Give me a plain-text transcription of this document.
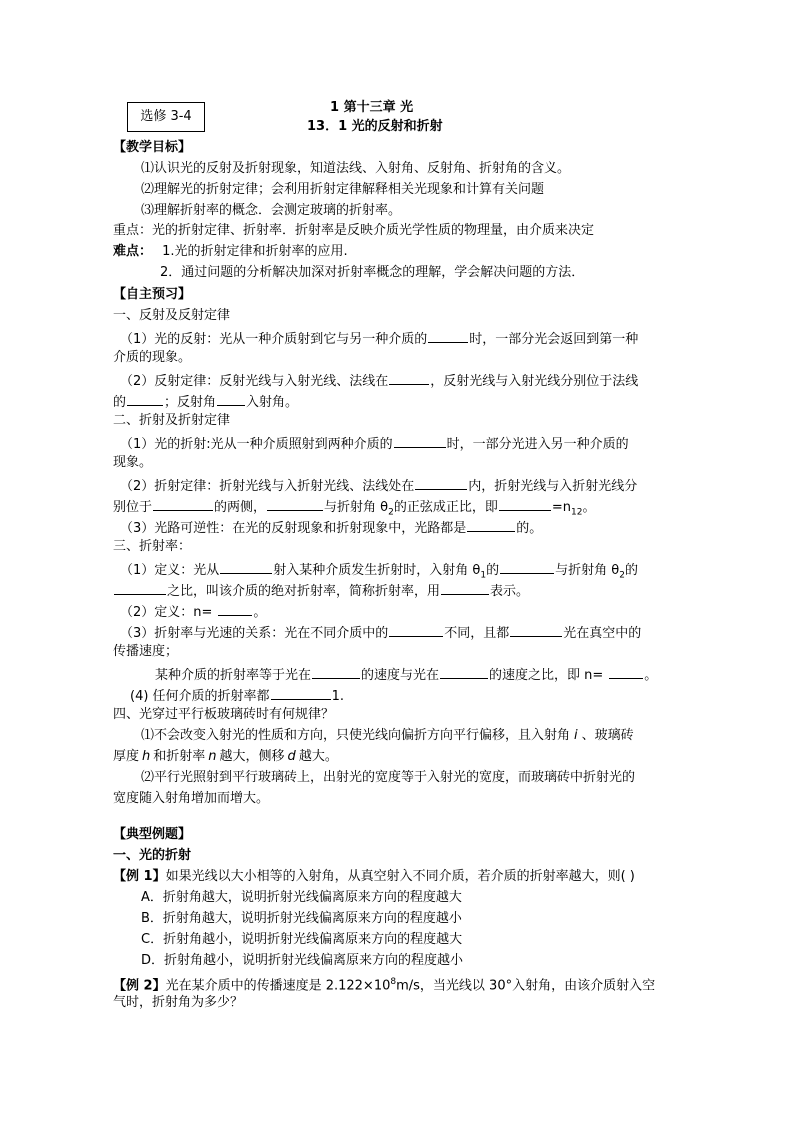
选修 3-4
1 第十三章 光
13．1 光的反射和折射
【教学目标】
⑴认识光的反射及折射现象，知道法线、入射角、反射角、折射角的含义。
⑵理解光的折射定律；会利用折射定律解释相关光现象和计算有关问题
⑶理解折射率的概念．会测定玻璃的折射率。
重点：光的折射定律、折射率．折射率是反映介质光学性质的物理量，由介质来决定
难点： 1.光的折射定律和折射率的应用.
2．通过问题的分析解决加深对折射率概念的理解，学会解决问题的方法．
【自主预习】
一、反射及反射定律
（1）光的反射：光从一种介质射到它与另一种介质的	时，一部分光会返回到第一种
介质的现象。
（2）反射定律：反射光线与入射光线、法线在	，反射光线与入射光线分别位于法线
的	；反射角 入射角。
二、折射及折射定律
（1）光的折射:光从一种介质照射到两种介质的	时，一部分光进入另一种介质的
现象。
（2）折射定律：折射光线与入折射光线、法线处在	内，折射光线与入折射光线分
别位于	的两侧，	与折射角 $\theta_2$的正弦成正比，即	$=n_{12}$。
（3）光路可逆性：在光的反射现象和折射现象中，光路都是	的。
三、折射率：
（1）定义：光从	射入某种介质发生折射时，入射角 $\theta_1$的	与折射角 $\theta_2$的
之比，叫该介质的绝对折射率，简称折射率，用	表示。
（2）定义：n=	。
（3）折射率与光速的关系：光在不同介质中的	不同，且都	光在真空中的
传播速度；
某种介质的折射率等于光在	的速度与光在	的速度之比，即 n=	。
(4) 任何介质的折射率都	1.
四、光穿过平行板玻璃砖时有何规律？
⑴不会改变入射光的性质和方向，只使光线向偏折方向平行偏移，且入射角 i 、玻璃砖
厚度 h 和折射率 n 越大，侧移 d 越大。
⑵平行光照射到平行玻璃砖上，出射光的宽度等于入射光的宽度，而玻璃砖中折射光的
宽度随入射角增加而增大。
【典型例题】
一、光的折射
【例 1】如果光线以大小相等的入射角，从真空射入不同介质，若介质的折射率越大，则( )
A．折射角越大，说明折射光线偏离原来方向的程度越大
B．折射角越大，说明折射光线偏离原来方向的程度越小
C．折射角越小，说明折射光线偏离原来方向的程度越大
D．折射角越小，说明折射光线偏离原来方向的程度越小
【例 2】光在某介质中的传播速度是 $2.122\times 10^8m/s$，当光线以 30°入射角，由该介质射入空
气时，折射角为多少？
